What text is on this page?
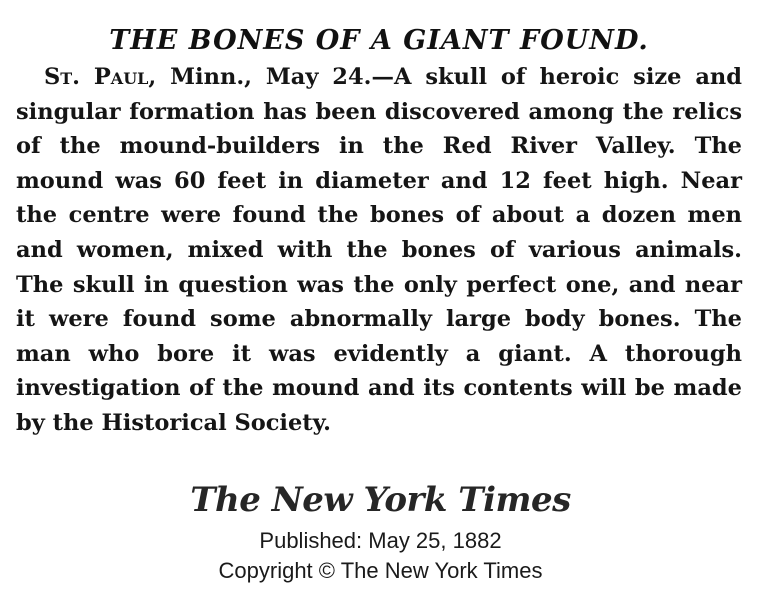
THE BONES OF A GIANT FOUND.

St. Paul, Minn., May 24.—A skull of heroic size and singular formation has been discovered among the relics of the mound-builders in the Red River Valley. The mound was 60 feet in diameter and 12 feet high. Near the centre were found the bones of about a dozen men and women, mixed with the bones of various animals. The skull in question was the only perfect one, and near it were found some abnormally large body bones. The man who bore it was evidently a giant. A thorough investigation of the mound and its contents will be made by the Historical Society.

The New York Times
Published: May 25, 1882
Copyright © The New York Times
